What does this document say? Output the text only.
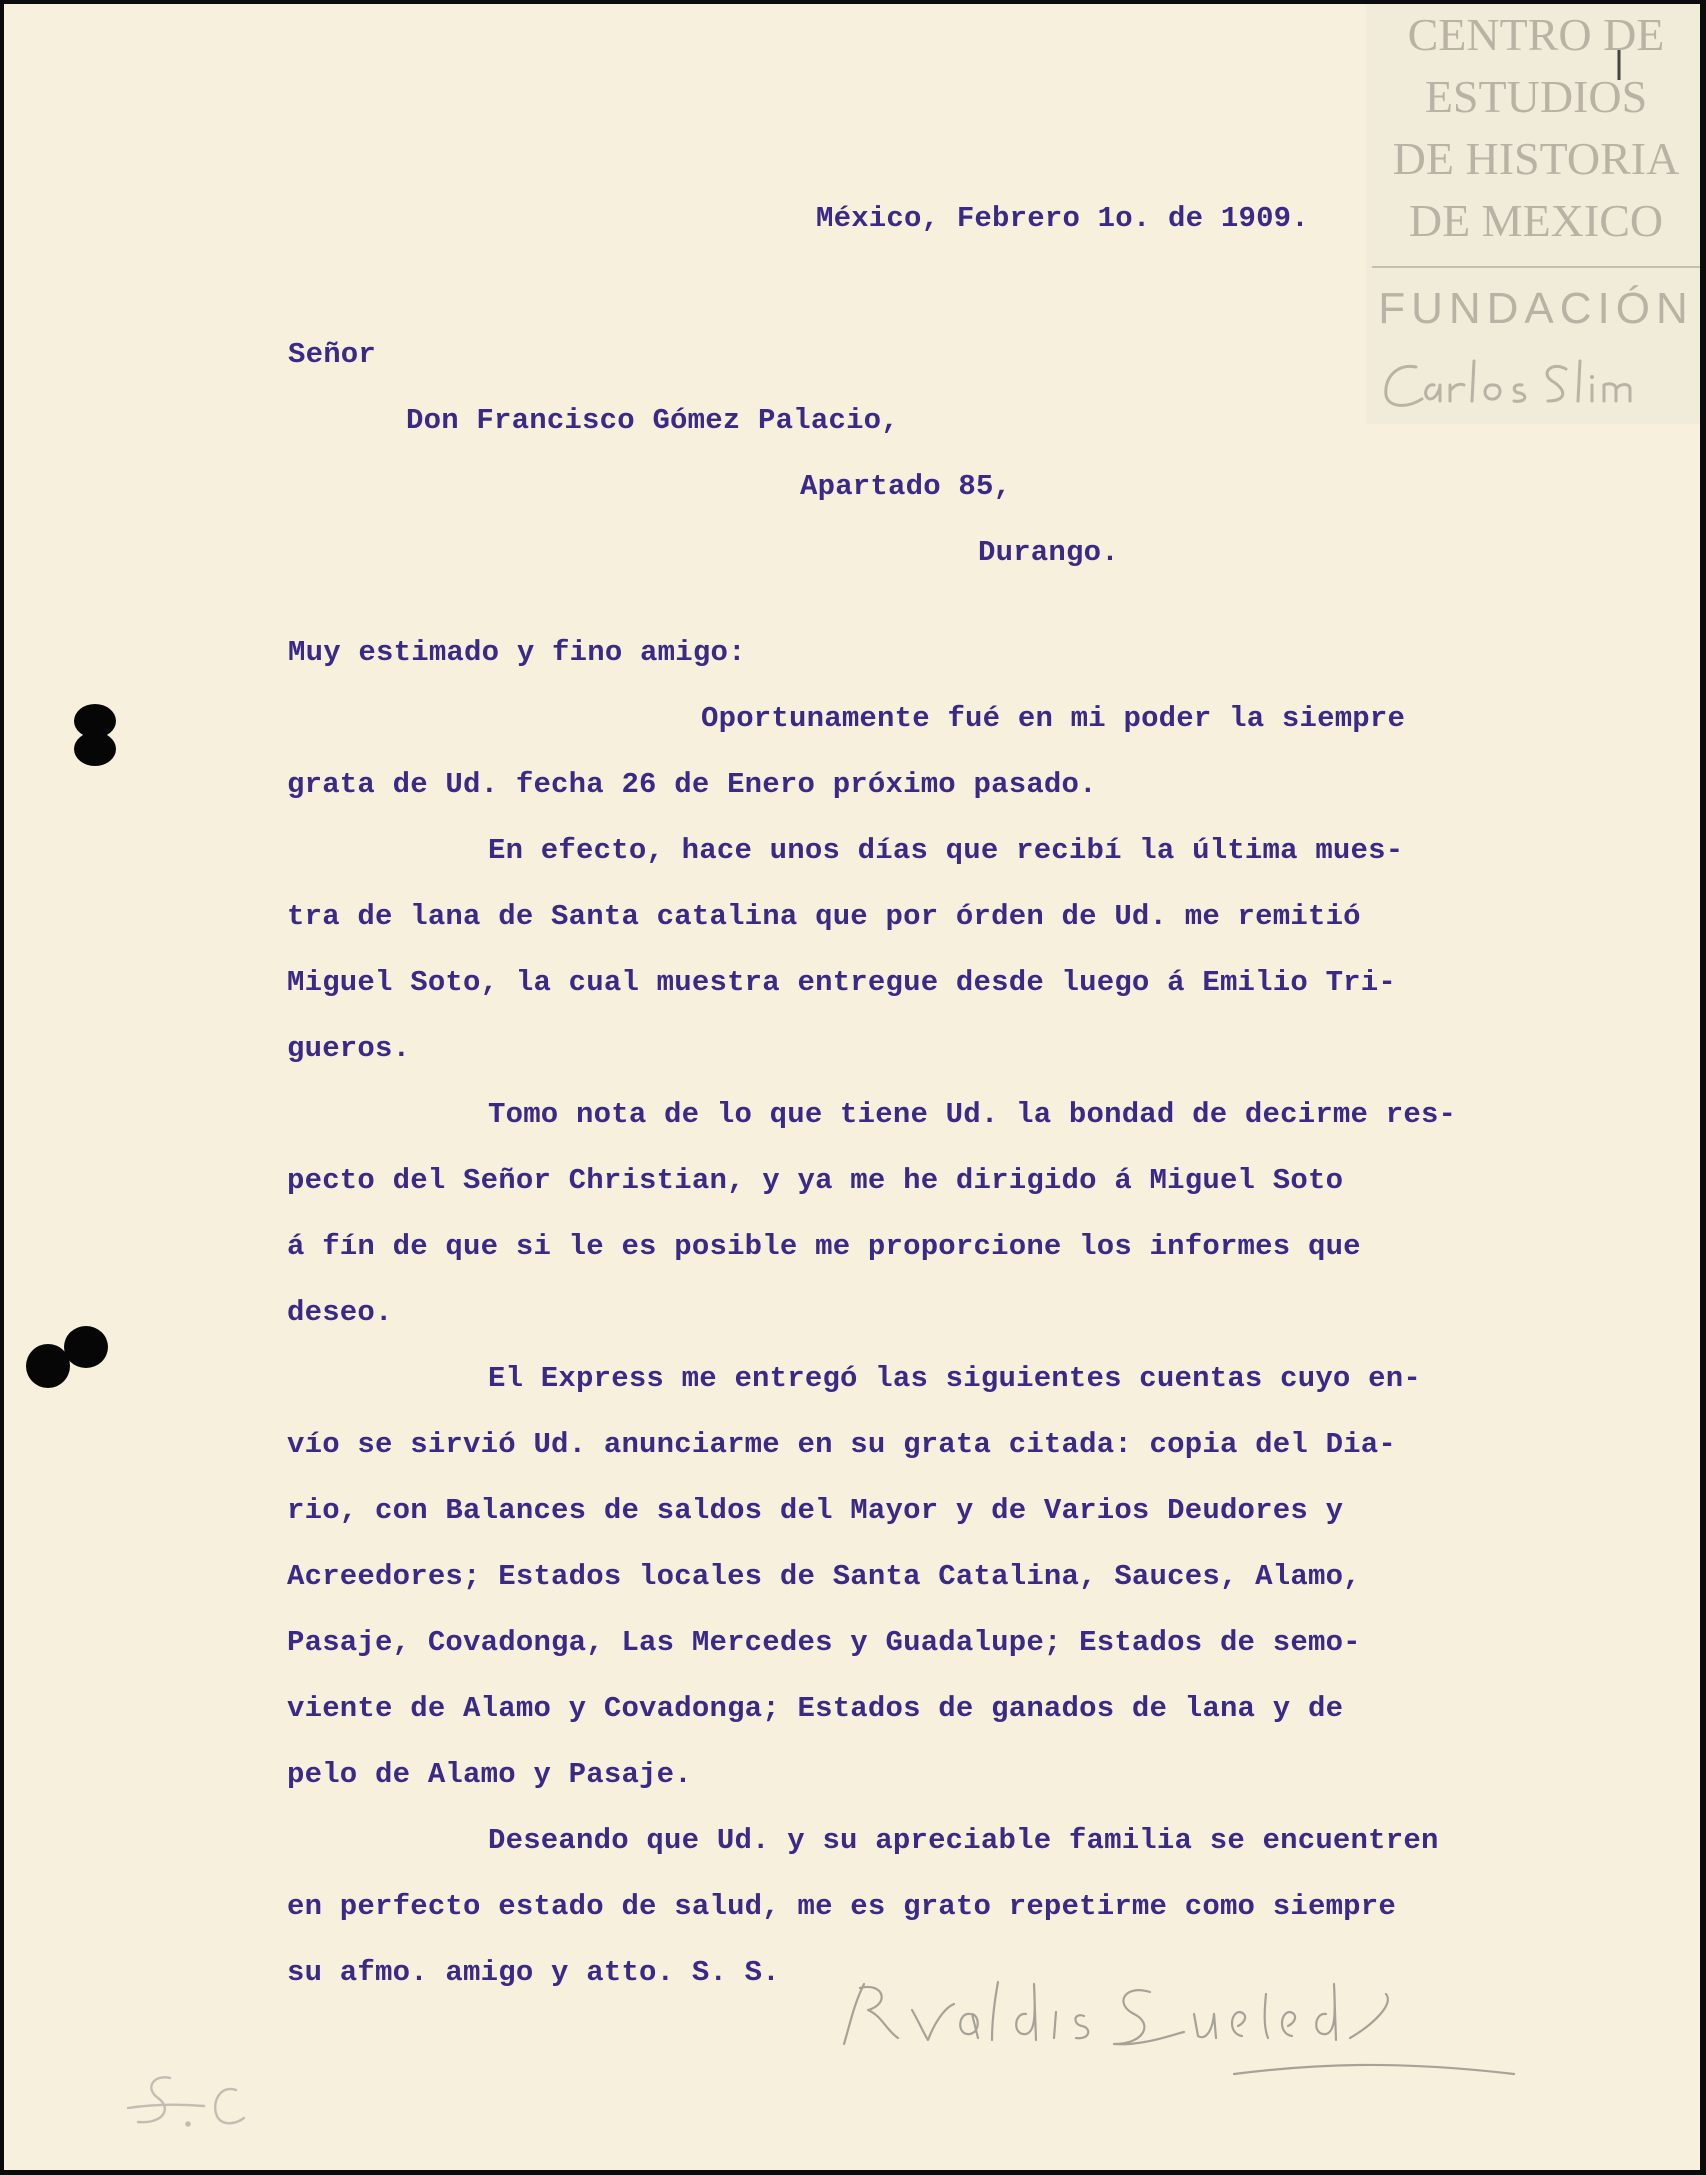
CENTRO DE
ESTUDIOS
DE HISTORIA
DE MEXICO
FUNDACIÓN
México, Febrero 1o. de 1909.
Señor
Don Francisco Gómez Palacio,
Apartado 85,
Durango.
Muy estimado y fino amigo:
Oportunamente fué en mi poder la siempre
grata de Ud. fecha 26 de Enero próximo pasado.
En efecto, hace unos días que recibí la última mues-
tra de lana de Santa catalina que por órden de Ud. me remitió
Miguel Soto, la cual muestra entregue desde luego á Emilio Tri-
gueros.
Tomo nota de lo que tiene Ud. la bondad de decirme res-
pecto del Señor Christian, y ya me he dirigido á Miguel Soto
á fín de que si le es posible me proporcione los informes que
deseo.
El Express me entregó las siguientes cuentas cuyo en-
vío se sirvió Ud. anunciarme en su grata citada: copia del Dia-
rio, con Balances de saldos del Mayor y de Varios Deudores y
Acreedores; Estados locales de Santa Catalina, Sauces, Alamo,
Pasaje, Covadonga, Las Mercedes y Guadalupe; Estados de semo-
viente de Alamo y Covadonga; Estados de ganados de lana y de
pelo de Alamo y Pasaje.
Deseando que Ud. y su apreciable familia se encuentren
en perfecto estado de salud, me es grato repetirme como siempre
su afmo. amigo y atto. S. S.
